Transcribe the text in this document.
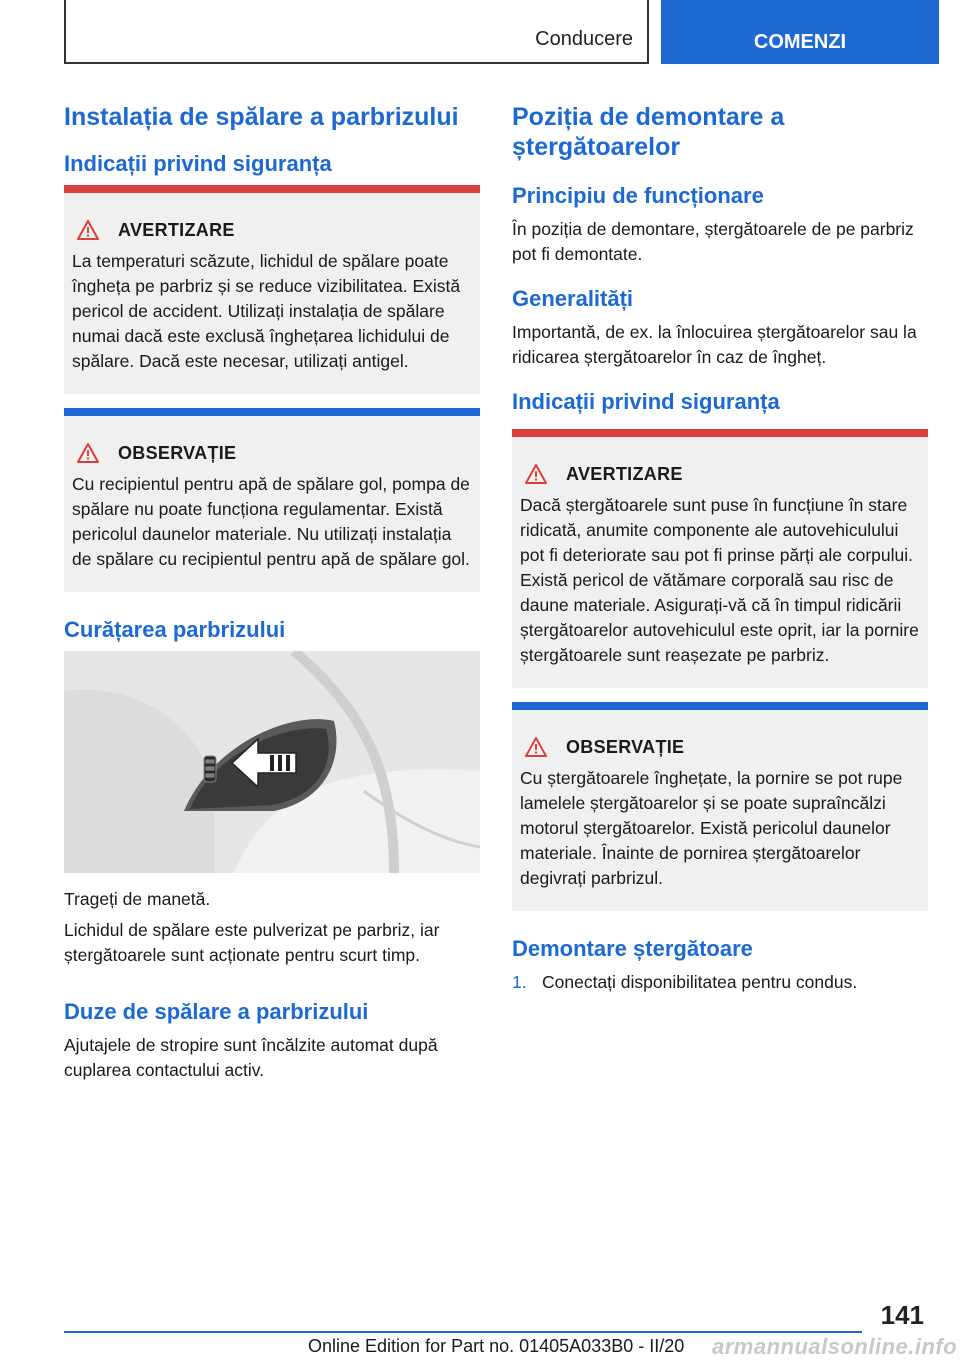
Conducere	COMENZI
Instalația de spălare a parbrizului
Indicații privind siguranța
AVERTIZARE

La temperaturi scăzute, lichidul de spălare poate îngheța pe parbriz și se reduce vizibilitatea. Există pericol de accident. Utilizați instalația de spălare numai dacă este exclusă înghețarea lichidului de spălare. Dacă este necesar, utilizați antigel.

OBSERVAȚIE

Cu recipientul pentru apă de spălare gol, pompa de spălare nu poate funcționa regulamentar. Există pericolul daunelor materiale. Nu utilizați instalația de spălare cu recipientul pentru apă de spălare gol.

Curățarea parbrizului

Trageți de manetă.

Lichidul de spălare este pulverizat pe parbriz, iar ștergătoarele sunt acționate pentru scurt timp.

Duze de spălare a parbrizului

Ajutajele de stropire sunt încălzite automat după cuplarea contactului activ.

Poziția de demontare a ștergătoarelor
Principiu de funcționare

În poziția de demontare, ștergătoarele de pe parbriz pot fi demontate.

Generalități

Importantă, de ex. la înlocuirea ștergătoarelor sau la ridicarea ștergătoarelor în caz de îngheț.

Indicații privind siguranța
AVERTIZARE

Dacă ștergătoarele sunt puse în funcțiune în stare ridicată, anumite componente ale autovehiculului pot fi deteriorate sau pot fi prinse părți ale corpului. Există pericol de vătămare corporală sau risc de daune materiale. Asigurați-vă că în timpul ridicării ștergătoarelor autovehiculul este oprit, iar la pornire ștergătoarele sunt reașezate pe parbriz.

OBSERVAȚIE

Cu ștergătoarele înghețate, la pornire se pot rupe lamelele ștergătoarelor și se poate supraîncălzi motorul ștergătoarelor. Există pericolul daunelor materiale. Înainte de pornirea ștergătoarelor degivrați parbrizul.

Demontare ștergătoare
1. Conectați disponibilitatea pentru condus.
141
Online Edition for Part no. 01405A033B0 - II/20 armannualsonline.info
